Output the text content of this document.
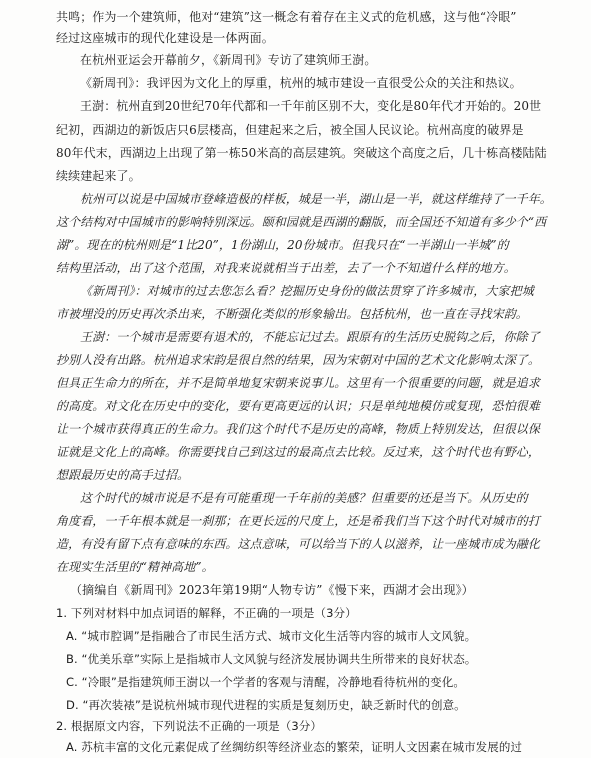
共鸣；作为一个建筑师，他对“建筑”这一概念有着存在主义式的危机感，这与他“冷眼”
经过这座城市的现代化建设是一体两面。
在杭州亚运会开幕前夕，《新周刊》专访了建筑师王澍。
《新周刊》：我评因为文化上的厚重，杭州的城市建设一直很受公众的关注和热议。
王澍：杭州直到20世纪70年代都和一千年前区别不大，变化是80年代才开始的。20世
纪初，西湖边的新饭店只6层楼高，但建起来之后，被全国人民议论。杭州高度的破界是
80年代末，西湖边上出现了第一栋50米高的高层建筑。突破这个高度之后，几十栋高楼陆陆
续续建起来了。
杭州可以说是中国城市登峰造极的样板，城是一半，湖山是一半，就这样维持了一千年。
这个结构对中国城市的影响特别深远。颐和园就是西湖的翻版，而全国还不知道有多少个“西
湖”。现在的杭州则是“1比20”，1份湖山，20份城市。但我只在“一半湖山一半城”的
结构里活动，出了这个范围，对我来说就相当于出差，去了一个不知道什么样的地方。
《新周刊》：对城市的过去您怎么看？挖掘历史身份的做法贯穿了许多城市，大家把城
市被埋没的历史再次杀出来，不断强化类似的形象输出。包括杭州，也一直在寻找宋韵。
王澍：一个城市是需要有退术的，不能忘记过去。跟原有的生活历史脱钩之后，你除了
抄别人没有出路。杭州追求宋韵是很自然的结果，因为宋朝对中国的艺术文化影响太深了。
但具正生命力的所在，并不是简单地复宋朝来说事儿。这里有一个很重要的问题，就是追求
的高度。对文化在历史中的变化，要有更高更远的认识；只是单纯地模仿或复现，恐怕很难
让一个城市获得真正的生命力。我们这个时代不是历史的高峰，物质上特别发达，但很以保
证就是文化上的高峰。你需要找自己到这过的最高点去比较。反过来，这个时代也有野心，
想跟最历史的高手过招。
这个时代的城市说是不是有可能重现一千年前的美感？但重要的还是当下。从历史的
角度看，一千年根本就是一刹那；在更长远的尺度上，还是希我们当下这个时代对城市的打
造，有没有留下点有意味的东西。这点意味，可以给当下的人以滋养，让一座城市成为融化
在现实生活里的“精神高地”。
（摘编自《新周刊》2023年第19期“人物专访”《慢下来，西湖才会出现》）
1. 下列对材料中加点词语的解释，不正确的一项是（3分）
A. “城市腔调”是指融合了市民生活方式、城市文化生活等内容的城市人文风貌。
B. “优美乐章”实际上是指城市人文风貌与经济发展协调共生所带来的良好状态。
C. “冷眼”是指建筑师王澍以一个学者的客观与清醒，冷静地看待杭州的变化。
D. “再次装裱”是说杭州城市现代进程的实质是复刻历史，缺乏新时代的创意。
2. 根据原文内容，下列说法不正确的一项是（3分）
A. 苏杭丰富的文化元素促成了丝绸纺织等经济业态的繁荣，证明人文因素在城市发展的过
